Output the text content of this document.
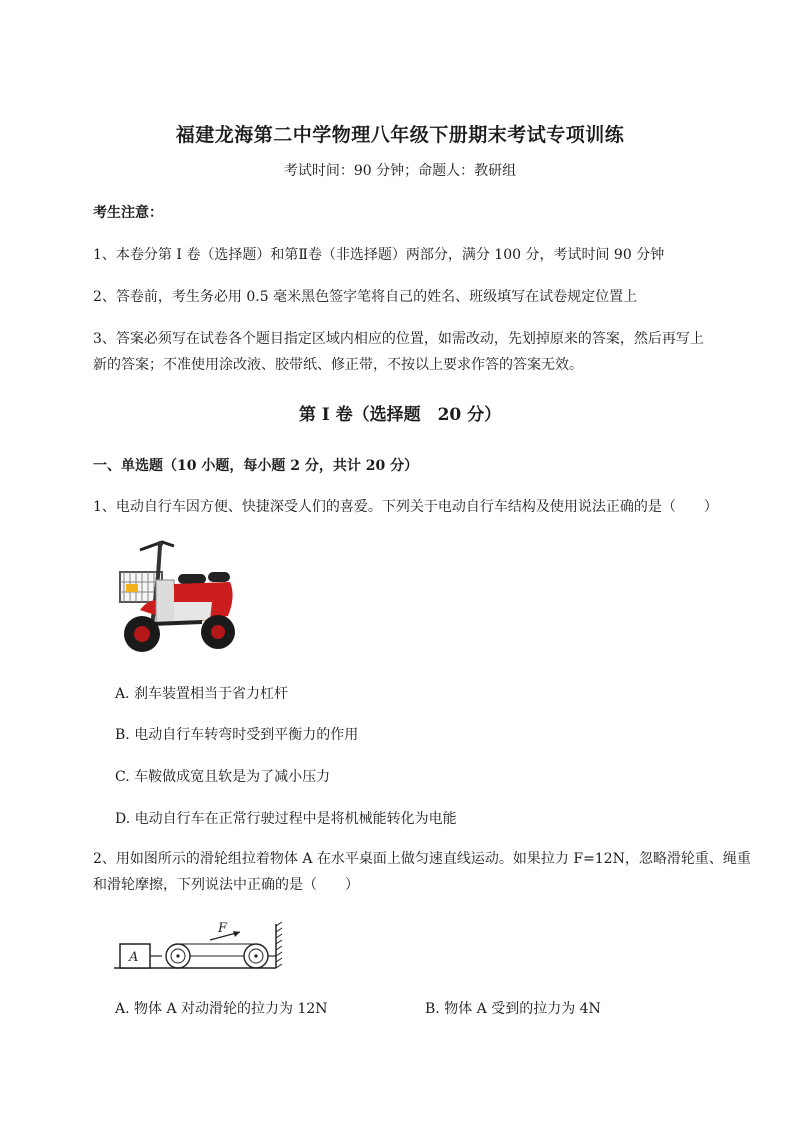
福建龙海第二中学物理八年级下册期末考试专项训练
考试时间：90 分钟；命题人：教研组
考生注意：
1、本卷分第 I 卷（选择题）和第Ⅱ卷（非选择题）两部分，满分 100 分，考试时间 90 分钟
2、答卷前，考生务必用 0.5 毫米黑色签字笔将自己的姓名、班级填写在试卷规定位置上
3、答案必须写在试卷各个题目指定区域内相应的位置，如需改动，先划掉原来的答案，然后再写上新的答案；不准使用涂改液、胶带纸、修正带，不按以上要求作答的答案无效。
第 I 卷（选择题　20 分）
一、单选题（10 小题，每小题 2 分，共计 20 分）
1、电动自行车因方便、快捷深受人们的喜爱。下列关于电动自行车结构及使用说法正确的是（　　）
A. 刹车装置相当于省力杠杆
B. 电动自行车转弯时受到平衡力的作用
C. 车鞍做成宽且软是为了减小压力
D. 电动自行车在正常行驶过程中是将机械能转化为电能
2、用如图所示的滑轮组拉着物体 A 在水平桌面上做匀速直线运动。如果拉力 F=12N，忽略滑轮重、绳重和滑轮摩擦，下列说法中正确的是（　　）
A
F
A. 物体 A 对动滑轮的拉力为 12N	B. 物体 A 受到的拉力为 4N
